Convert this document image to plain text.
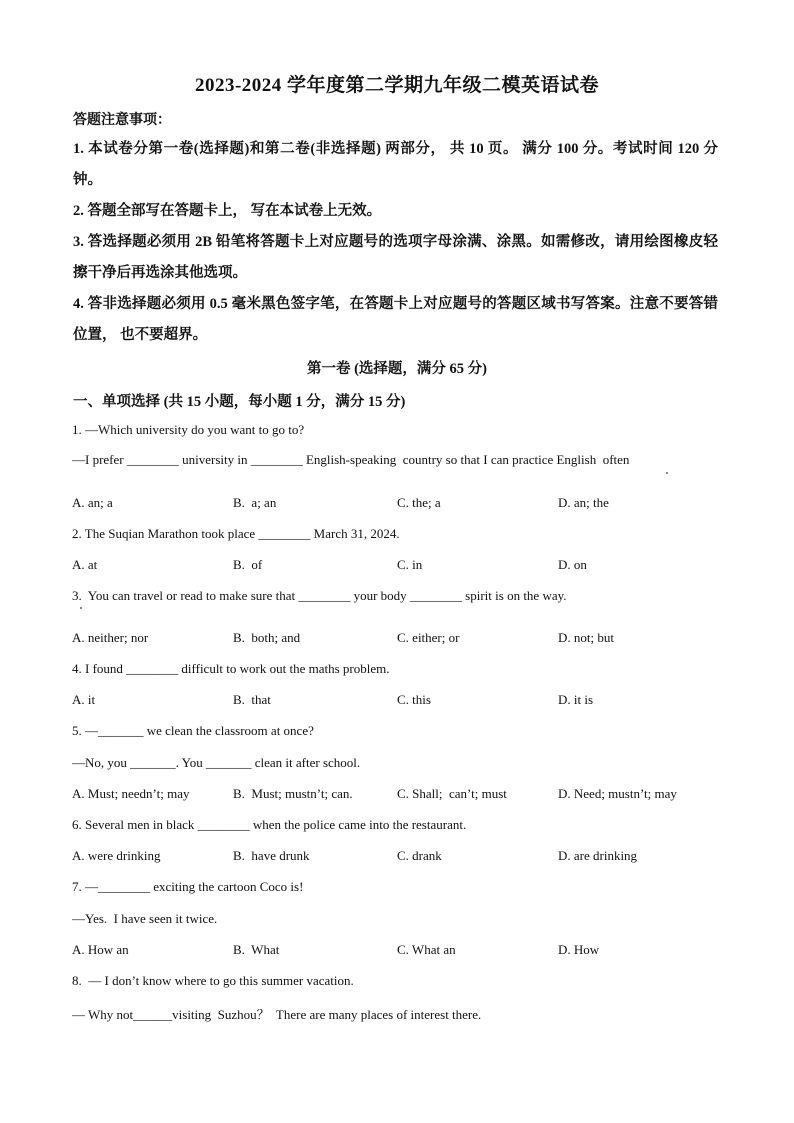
2023-2024 学年度第二学期九年级二模英语试卷
答题注意事项：
1. 本试卷分第一卷(选择题)和第二卷(非选择题) 两部分， 共 10 页。 满分 100 分。考试时间 120 分钟。
2. 答题全部写在答题卡上， 写在本试卷上无效。
3. 答选择题必须用 2B 铅笔将答题卡上对应题号的选项字母涂满、涂黑。如需修改，请用绘图橡皮轻擦干净后再选涂其他选项。
4. 答非选择题必须用 0.5 毫米黑色签字笔，在答题卡上对应题号的答题区域书写答案。注意不要答错位置， 也不要超界。
第一卷 (选择题，满分 65 分)
一、单项选择 (共 15 小题，每小题 1 分，满分 15 分)
1. —Which university do you want to go to?
—I prefer ________ university in ________ English-speaking  country so that I can practice English  often
A. an; a	B.  a; an	C. the; a	D. an; the
2. The Suqian Marathon took place ________ March 31, 2024.
A. at	B.  of	C. in	D. on
3.  You can travel or read to make sure that ________ your body ________ spirit is on the way.
A. neither; nor	B.  both; and	C. either; or	D. not; but
4. I found ________ difficult to work out the maths problem.
A. it	B.  that	C. this	D. it is
5. —_______ we clean the classroom at once?
—No, you _______. You _______ clean it after school.
A. Must; needn’t; may	B.  Must; mustn’t; can.	C. Shall;  can’t; must	D. Need; mustn’t; may
6. Several men in black ________ when the police came into the restaurant.
A. were drinking	B.  have drunk	C. drank	D. are drinking
7. —________ exciting the cartoon Coco is!
—Yes.  I have seen it twice.
A. How an	B.  What	C. What an	D. How
8.  — I don’t know where to go this summer vacation.
— Why not______visiting  Suzhou？  There are many places of interest there.
